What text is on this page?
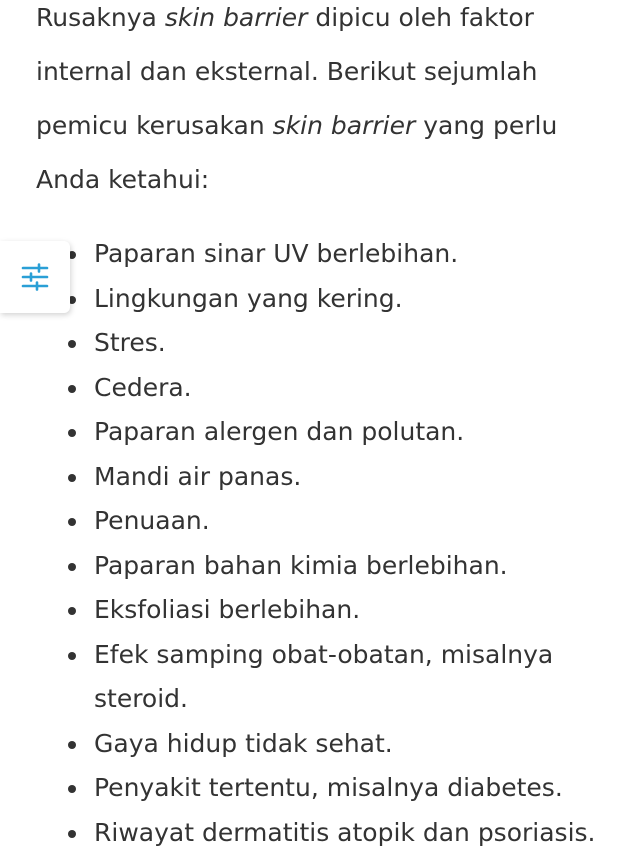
Rusaknya skin barrier dipicu oleh faktor internal dan eksternal. Berikut sejumlah pemicu kerusakan skin barrier yang perlu Anda ketahui:

Paparan sinar UV berlebihan.
Lingkungan yang kering.
Stres.
Cedera.
Paparan alergen dan polutan.
Mandi air panas.
Penuaan.
Paparan bahan kimia berlebihan.
Eksfoliasi berlebihan.
Efek samping obat-obatan, misalnya steroid.
Gaya hidup tidak sehat.
Penyakit tertentu, misalnya diabetes.
Riwayat dermatitis atopik dan psoriasis.
